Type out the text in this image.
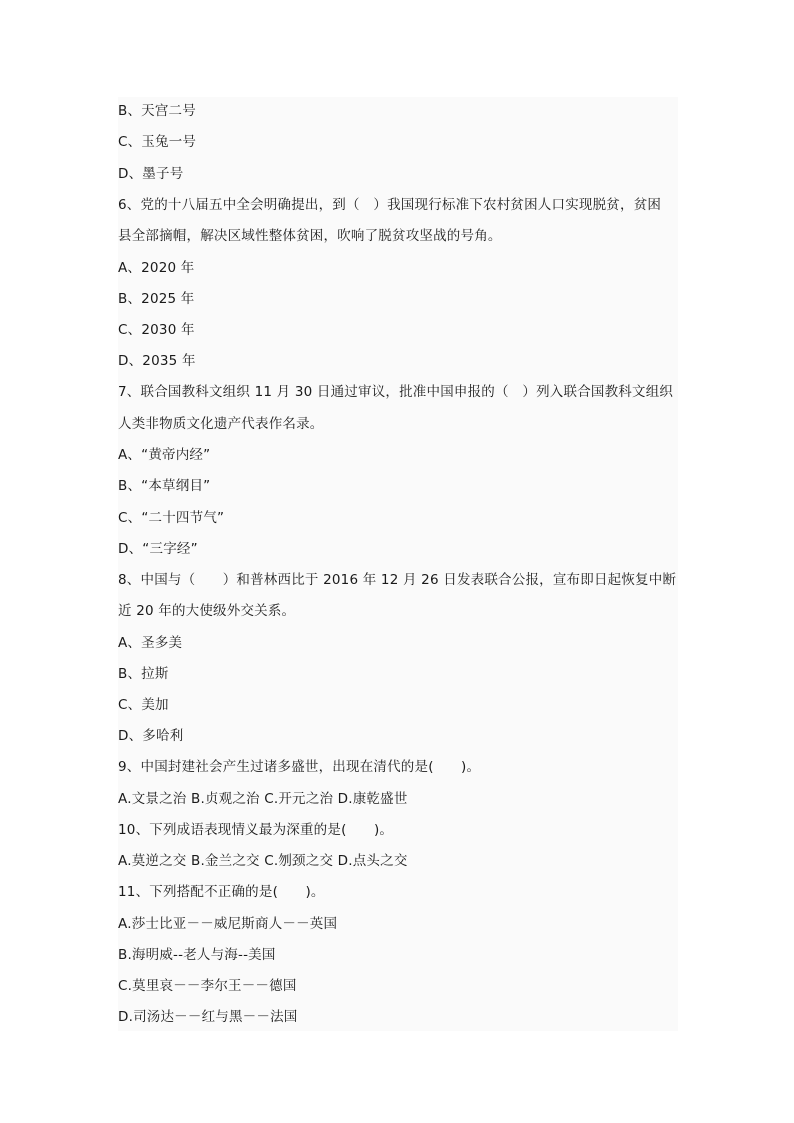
B、天宫二号
C、玉兔一号
D、墨子号
6、党的十八届五中全会明确提出，到（　）我国现行标准下农村贫困人口实现脱贫，贫困
县全部摘帽，解决区域性整体贫困，吹响了脱贫攻坚战的号角。
A、2020 年
B、2025 年
C、2030 年
D、2035 年
7、联合国教科文组织 11 月 30 日通过审议，批准中国申报的（　）列入联合国教科文组织
人类非物质文化遗产代表作名录。
A、“黄帝内经”
B、“本草纲目”
C、“二十四节气”
D、“三字经”
8、中国与（　　）和普林西比于 2016 年 12 月 26 日发表联合公报，宣布即日起恢复中断
近 20 年的大使级外交关系。
A、圣多美
B、拉斯
C、美加
D、多哈利
9、中国封建社会产生过诸多盛世，出现在清代的是(　　)。
A.文景之治 B.贞观之治 C.开元之治 D.康乾盛世
10、下列成语表现情义最为深重的是(　　)。
A.莫逆之交 B.金兰之交 C.刎颈之交 D.点头之交
11、下列搭配不正确的是(　　)。
A.莎士比亚－－威尼斯商人－－英国
B.海明威--老人与海--美国
C.莫里哀－－李尔王－－德国
D.司汤达－－红与黑－－法国
